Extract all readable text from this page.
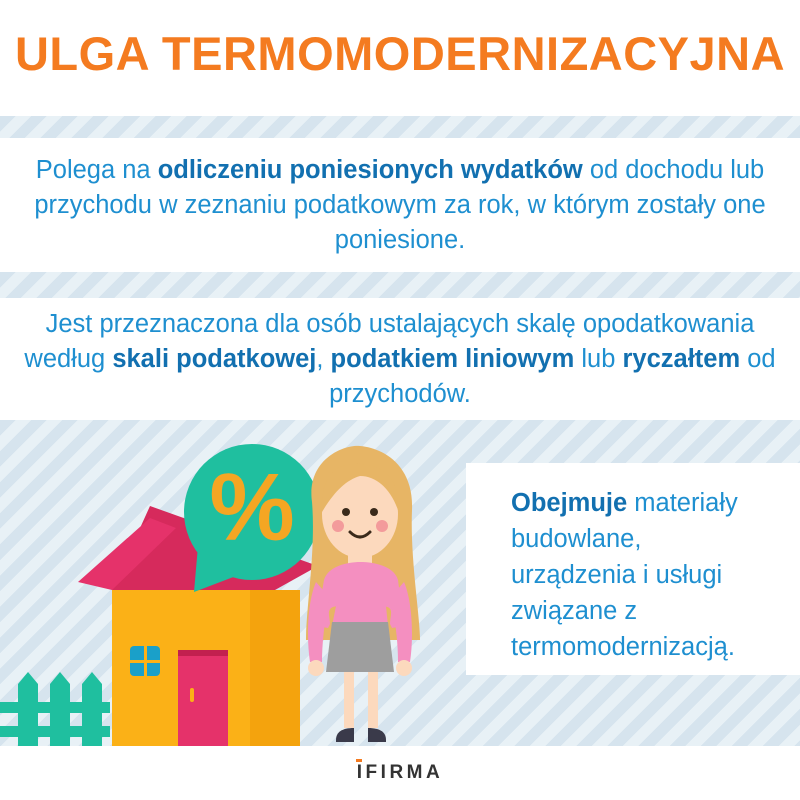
ULGA TERMOMODERNIZACYJNA

Polega na odliczeniu poniesionych wydatków od dochodu lub przychodu w zeznaniu podatkowym za rok, w którym zostały one poniesione.

Jest przeznaczona dla osób ustalających skalę opodatkowania według skali podatkowej, podatkiem liniowym lub ryczałtem od przychodów.

%	Obejmuje materiały
budowlane,
urządzenia i usługi
związane z
termomodernizacją.
IFIRMA
